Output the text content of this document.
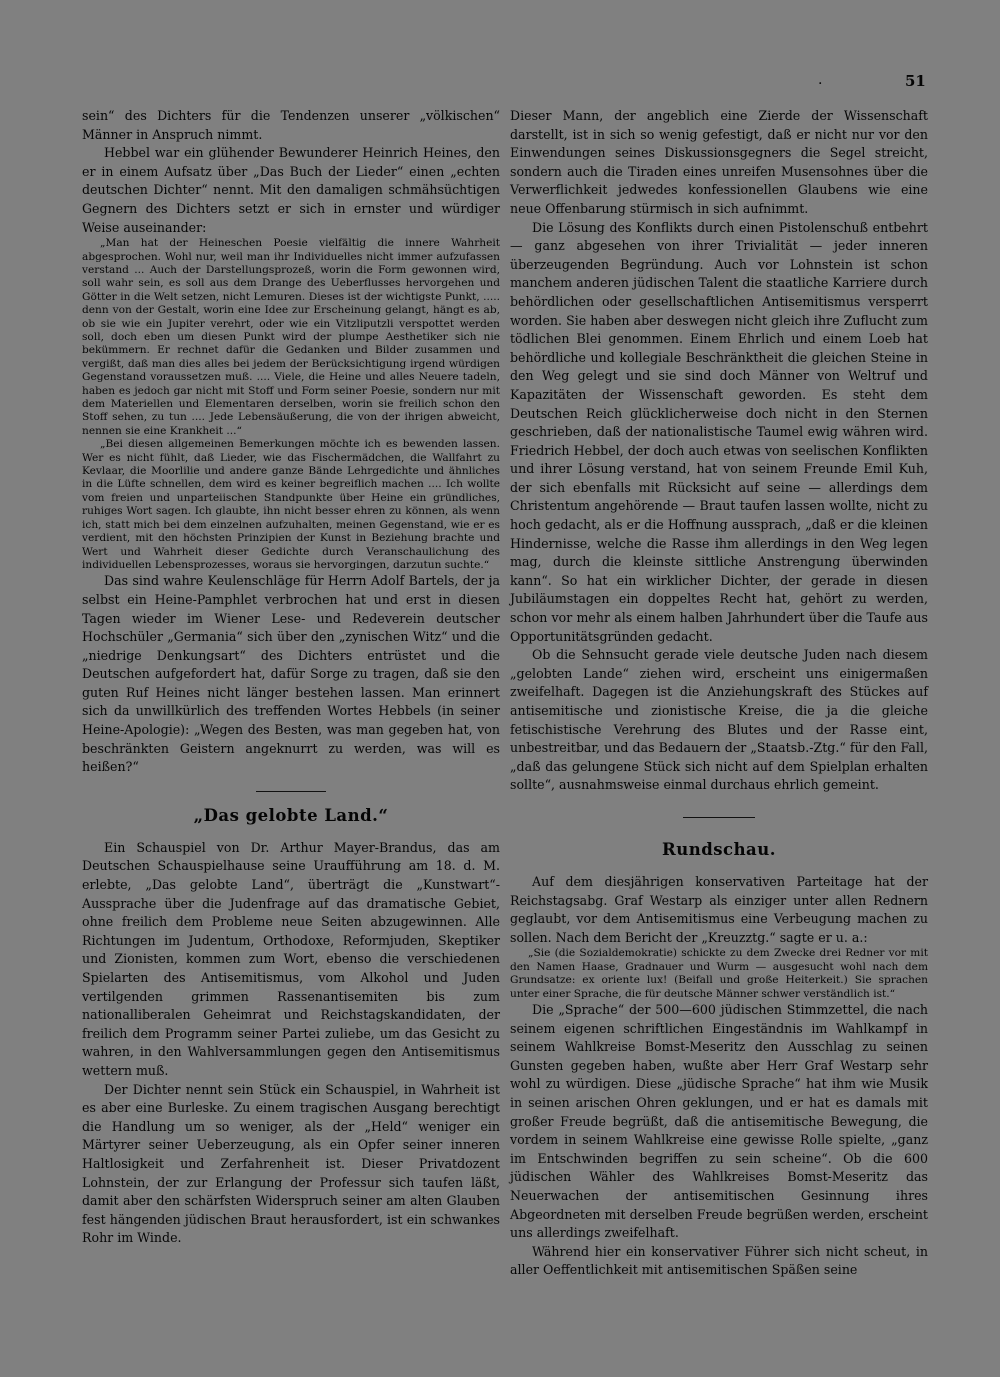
.	51

sein“ des Dichters für die Tendenzen unserer „völkischen“ Männer in Anspruch nimmt.

Hebbel war ein glühender Bewunderer Heinrich Heines, den er in einem Aufsatz über „Das Buch der Lieder“ einen „echten deutschen Dichter“ nennt. Mit den damaligen schmähsüchtigen Gegnern des Dichters setzt er sich in ernster und würdiger Weise auseinander:

„Man hat der Heineschen Poesie vielfältig die innere Wahrheit abgesprochen. Wohl nur, weil man ihr Individuelles nicht immer aufzufassen verstand ... Auch der Darstellungsprozeß, worin die Form gewonnen wird, soll wahr sein, es soll aus dem Drange des Ueberflusses hervorgehen und Götter in die Welt setzen, nicht Lemuren. Dieses ist der wichtigste Punkt, ..... denn von der Gestalt, worin eine Idee zur Erscheinung gelangt, hängt es ab, ob sie wie ein Jupiter verehrt, oder wie ein Vitzliputzli verspottet werden soll, doch eben um diesen Punkt wird der plumpe Aesthetiker sich nie bekümmern. Er rechnet dafür die Gedanken und Bilder zusammen und vergißt, daß man dies alles bei jedem der Berücksichtigung irgend würdigen Gegenstand voraussetzen muß. .... Viele, die Heine und alles Neuere tadeln, haben es jedoch gar nicht mit Stoff und Form seiner Poesie, sondern nur mit dem Materiellen und Elementaren derselben, worin sie freilich schon den Stoff sehen, zu tun .... Jede Lebensäußerung, die von der ihrigen abweicht, nennen sie eine Krankheit ...“

„Bei diesen allgemeinen Bemerkungen möchte ich es bewenden lassen. Wer es nicht fühlt, daß Lieder, wie das Fischermädchen, die Wallfahrt zu Kevlaar, die Moorlilie und andere ganze Bände Lehrgedichte und ähnliches in die Lüfte schnellen, dem wird es keiner begreiflich machen .... Ich wollte vom freien und unparteiischen Standpunkte über Heine ein gründliches, ruhiges Wort sagen. Ich glaubte, ihn nicht besser ehren zu können, als wenn ich, statt mich bei dem einzelnen aufzuhalten, meinen Gegenstand, wie er es verdient, mit den höchsten Prinzipien der Kunst in Beziehung brachte und Wert und Wahrheit dieser Gedichte durch Veranschaulichung des individuellen Lebensprozesses, woraus sie hervorgingen, darzutun suchte.“

Das sind wahre Keulenschläge für Herrn Adolf Bartels, der ja selbst ein Heine-Pamphlet verbrochen hat und erst in diesen Tagen wieder im Wiener Lese- und Redeverein deutscher Hochschüler „Germania“ sich über den „zynischen Witz“ und die „niedrige Denkungsart“ des Dichters entrüstet und die Deutschen aufgefordert hat, dafür Sorge zu tragen, daß sie den guten Ruf Heines nicht länger bestehen lassen. Man erinnert sich da unwillkürlich des treffenden Wortes Hebbels (in seiner Heine-Apologie): „Wegen des Besten, was man gegeben hat, von beschränkten Geistern angeknurrt zu werden, was will es heißen?“

„Das gelobte Land.“

Ein Schauspiel von Dr. Arthur Mayer-Brandus, das am Deutschen Schauspielhause seine Uraufführung am 18. d. M. erlebte, „Das gelobte Land“, überträgt die „Kunstwart“-Aussprache über die Judenfrage auf das dramatische Gebiet, ohne freilich dem Probleme neue Seiten abzugewinnen. Alle Richtungen im Judentum, Orthodoxe, Reformjuden, Skeptiker und Zionisten, kommen zum Wort, ebenso die verschiedenen Spielarten des Antisemitismus, vom Alkohol und Juden vertilgenden grimmen Rassenantisemiten bis zum nationalliberalen Geheimrat und Reichstagskandidaten, der freilich dem Programm seiner Partei zuliebe, um das Gesicht zu wahren, in den Wahlversammlungen gegen den Antisemitismus wettern muß.

Der Dichter nennt sein Stück ein Schauspiel, in Wahrheit ist es aber eine Burleske. Zu einem tragischen Ausgang berechtigt die Handlung um so weniger, als der „Held“ weniger ein Märtyrer seiner Ueberzeugung, als ein Opfer seiner inneren Haltlosigkeit und Zerfahrenheit ist. Dieser Privatdozent Lohnstein, der zur Erlangung der Professur sich taufen läßt, damit aber den schärfsten Widerspruch seiner am alten Glauben fest hängenden jüdischen Braut herausfordert, ist ein schwankes Rohr im Winde.

Dieser Mann, der angeblich eine Zierde der Wissenschaft darstellt, ist in sich so wenig gefestigt, daß er nicht nur vor den Einwendungen seines Diskussionsgegners die Segel streicht, sondern auch die Tiraden eines unreifen Musensohnes über die Verwerflichkeit jedwedes konfessionellen Glaubens wie eine neue Offenbarung stürmisch in sich aufnimmt.

Die Lösung des Konflikts durch einen Pistolenschuß entbehrt — ganz abgesehen von ihrer Trivialität — jeder inneren überzeugenden Begründung. Auch vor Lohnstein ist schon manchem anderen jüdischen Talent die staatliche Karriere durch behördlichen oder gesellschaftlichen Antisemitismus versperrt worden. Sie haben aber deswegen nicht gleich ihre Zuflucht zum tödlichen Blei genommen. Einem Ehrlich und einem Loeb hat behördliche und kollegiale Beschränktheit die gleichen Steine in den Weg gelegt und sie sind doch Männer von Weltruf und Kapazitäten der Wissenschaft geworden. Es steht dem Deutschen Reich glücklicherweise doch nicht in den Sternen geschrieben, daß der nationalistische Taumel ewig währen wird. Friedrich Hebbel, der doch auch etwas von seelischen Konflikten und ihrer Lösung verstand, hat von seinem Freunde Emil Kuh, der sich ebenfalls mit Rücksicht auf seine — allerdings dem Christentum angehörende — Braut taufen lassen wollte, nicht zu hoch gedacht, als er die Hoffnung aussprach, „daß er die kleinen Hindernisse, welche die Rasse ihm allerdings in den Weg legen mag, durch die kleinste sittliche Anstrengung überwinden kann“. So hat ein wirklicher Dichter, der gerade in diesen Jubiläumstagen ein doppeltes Recht hat, gehört zu werden, schon vor mehr als einem halben Jahrhundert über die Taufe aus Opportunitätsgründen gedacht.

Ob die Sehnsucht gerade viele deutsche Juden nach diesem „gelobten Lande“ ziehen wird, erscheint uns einigermaßen zweifelhaft. Dagegen ist die Anziehungskraft des Stückes auf antisemitische und zionistische Kreise, die ja die gleiche fetischistische Verehrung des Blutes und der Rasse eint, unbestreitbar, und das Bedauern der „Staatsb.-Ztg.“ für den Fall, „daß das gelungene Stück sich nicht auf dem Spielplan erhalten sollte“, ausnahmsweise einmal durchaus ehrlich gemeint.

Rundschau.

Auf dem diesjährigen konservativen Parteitage hat der Reichstagsabg. Graf Westarp als einziger unter allen Rednern geglaubt, vor dem Antisemitismus eine Verbeugung machen zu sollen. Nach dem Bericht der „Kreuzztg.“ sagte er u. a.:

„Sie (die Sozialdemokratie) schickte zu dem Zwecke drei Redner vor mit den Namen Haase, Gradnauer und Wurm — ausgesucht wohl nach dem Grundsatze: ex oriente lux! (Beifall und große Heiterkeit.) Sie sprachen unter einer Sprache, die für deutsche Männer schwer verständlich ist.“

Die „Sprache“ der 500—600 jüdischen Stimmzettel, die nach seinem eigenen schriftlichen Eingeständnis im Wahlkampf in seinem Wahlkreise Bomst-Meseritz den Ausschlag zu seinen Gunsten gegeben haben, wußte aber Herr Graf Westarp sehr wohl zu würdigen. Diese „jüdische Sprache“ hat ihm wie Musik in seinen arischen Ohren geklungen, und er hat es damals mit großer Freude begrüßt, daß die antisemitische Bewegung, die vordem in seinem Wahlkreise eine gewisse Rolle spielte, „ganz im Entschwinden begriffen zu sein scheine“. Ob die 600 jüdischen Wähler des Wahlkreises Bomst-Meseritz das Neuerwachen der antisemitischen Gesinnung ihres Abgeordneten mit derselben Freude begrüßen werden, erscheint uns allerdings zweifelhaft.

Während hier ein konservativer Führer sich nicht scheut, in aller Oeffentlichkeit mit antisemitischen Späßen seine
